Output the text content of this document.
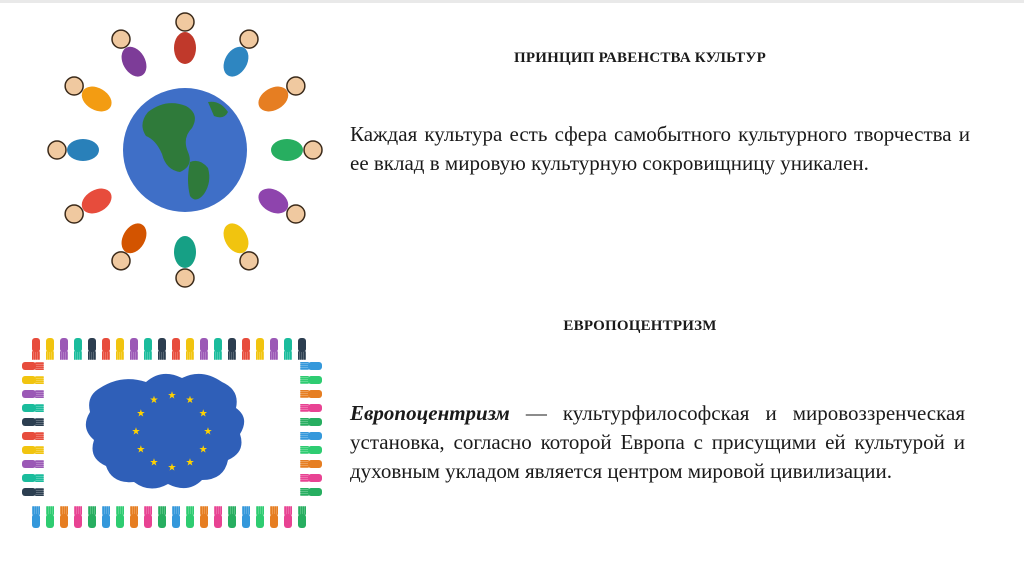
ПРИНЦИП РАВЕНСТВА КУЛЬТУР
Каждая культура есть сфера самобытного культурного творчества и ее вклад в мировую культурную сокровищницу уникален.
ЕВРОПОЦЕНТРИЗМ
★
★
★
★
★
★
★
★
★ ★ ★
★	Европоцентризм — культурфилософская и мировоззренческая установка, согласно которой Европа с присущими ей культурой и духовным укладом является центром мировой цивилизации.
